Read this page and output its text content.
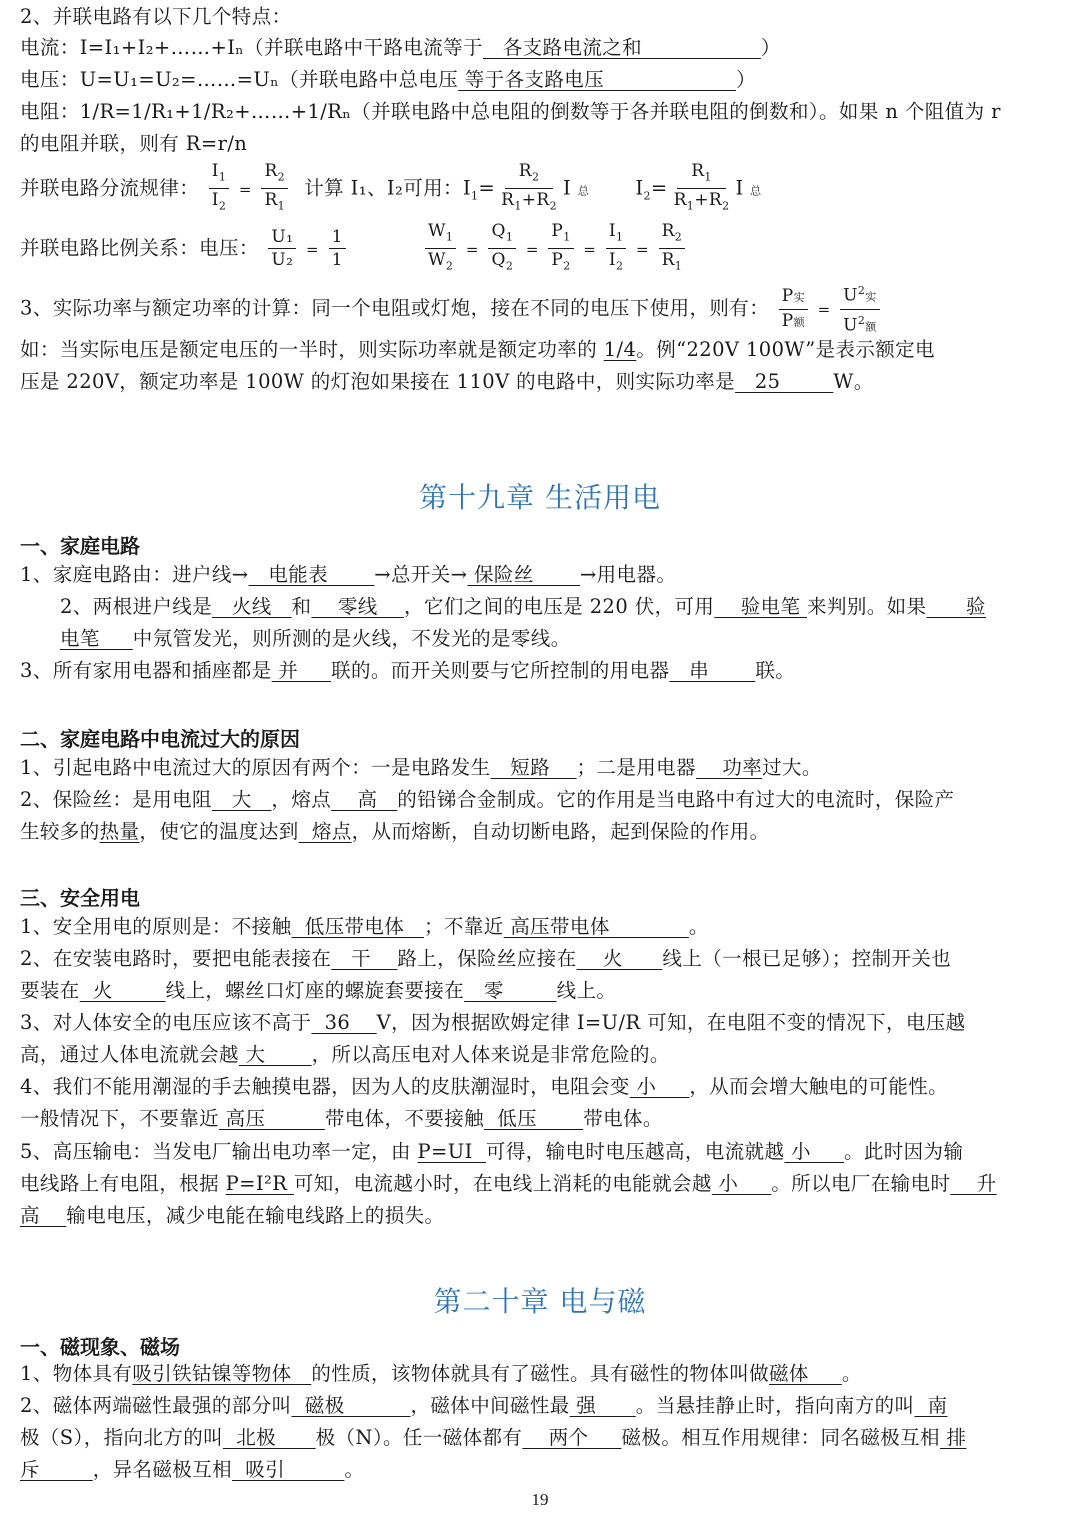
2、并联电路有以下几个特点：
电流：I=I₁+I₂+……+Iₙ（并联电路中干路电流等于   各支路电流之和                  ）
电压：U=U₁=U₂=……=Uₙ（并联电路中总电压 等于各支路电压                    ）
电阻：1/R=1/R₁+1/R₂+……+1/Rₙ（并联电路中总电阻的倒数等于各并联电阻的倒数和）。如果 n 个阻值为 r
的电阻并联，则有 R=r/n
并联电路分流规律： $\frac{I_1}{I_2} = \frac{R_2}{R_1}$ 计算 I₁、I₂可用：$I_1= \frac{R_2}{R_1+R_2}$ I 总       $I_2= \frac{R_1}{R_1+R_2}$ I 总
并联电路比例关系：电压： $\frac{\text{U₁}}{\text{U₂}} = \frac{1}{1}$
	$\frac{W_1}{W_2} = \frac{Q_1}{Q_2} = \frac{P_1}{P_2} = \frac{I_1}{I_2} = \frac{R_2}{R_1}$
3、实际功率与额定功率的计算：同一个电阻或灯炮，接在不同的电压下使用，则有： $\frac{\text{P实}}{\text{P额}} = \frac{U^2实}{U^2额}$
如：当实际电压是额定电压的一半时，则实际功率就是额定功率的 1/4。例“220V 100W”是表示额定电
压是 220V，额定功率是 100W 的灯泡如果接在 110V 的电路中，则实际功率是   25        W。
第十九章 生活用电
一、家庭电路
1、家庭电路由：进户线→   电能表       →总开关→ 保险丝       →用电器。
2、两根进户线是   火线   和    零线    ，它们之间的电压是 220 伏，可用    验电笔 来判别。如果      验
电笔     中氖管发光，则所测的是火线，不发光的是零线。
3、所有家用电器和插座都是 并     联的。而开关则要与它所控制的用电器   串       联。
二、家庭电路中电流过大的原因
1、引起电路中电流过大的原因有两个：一是电路发生   短路    ；二是用电器    功率过大。
2、保险丝：是用电阻   大   ，熔点    高   的铅锑合金制成。它的作用是当电路中有过大的电流时，保险产
生较多的热量，使它的温度达到  熔点，从而熔断，自动切断电路，起到保险的作用。
三、安全用电
1、安全用电的原则是：不接触  低压带电体   ；不靠近 高压带电体            。
2、在安装电路时，要把电能表接在   干    路上，保险丝应接在    火      线上（一根已足够）；控制开关也
要装在  火        线上，螺丝口灯座的螺旋套要接在   零        线上。
3、对人体安全的电压应该不高于  36    V，因为根据欧姆定律 I=U/R 可知，在电阻不变的情况下，电压越
高，通过人体电流就会越 大       ，所以高压电对人体来说是非常危险的。
4、我们不能用潮湿的手去触摸电器，因为人的皮肤潮湿时，电阻会变 小     ，从而会增大触电的可能性。
一般情况下，不要靠近 高压         带电体，不要接触  低压       带电体。
5、高压输电：当发电厂输出电功率一定，由 P=UI  可得，输电时电压越高，电流就越 小     。此时因为输
电线路上有电阻，根据 P=I²R 可知，电流越小时，在电线上消耗的电能就会越 小     。所以电厂在输电时    升
高    输电电压，减少电能在输电线路上的损失。
第二十章 电与磁
一、磁现象、磁场
1、物体具有吸引铁钴镍等物体   的性质，该物体就具有了磁性。具有磁性的物体叫做磁体     。
2、磁体两端磁性最强的部分叫  磁极          ，磁体中间磁性最 强      。当悬挂静止时，指向南方的叫  南
极（S），指向北方的叫  北极      极（N）。任一磁体都有    两个     磁极。相互作用规律：同名磁极互相 排
斥        ，异名磁极互相  吸引         。
19
